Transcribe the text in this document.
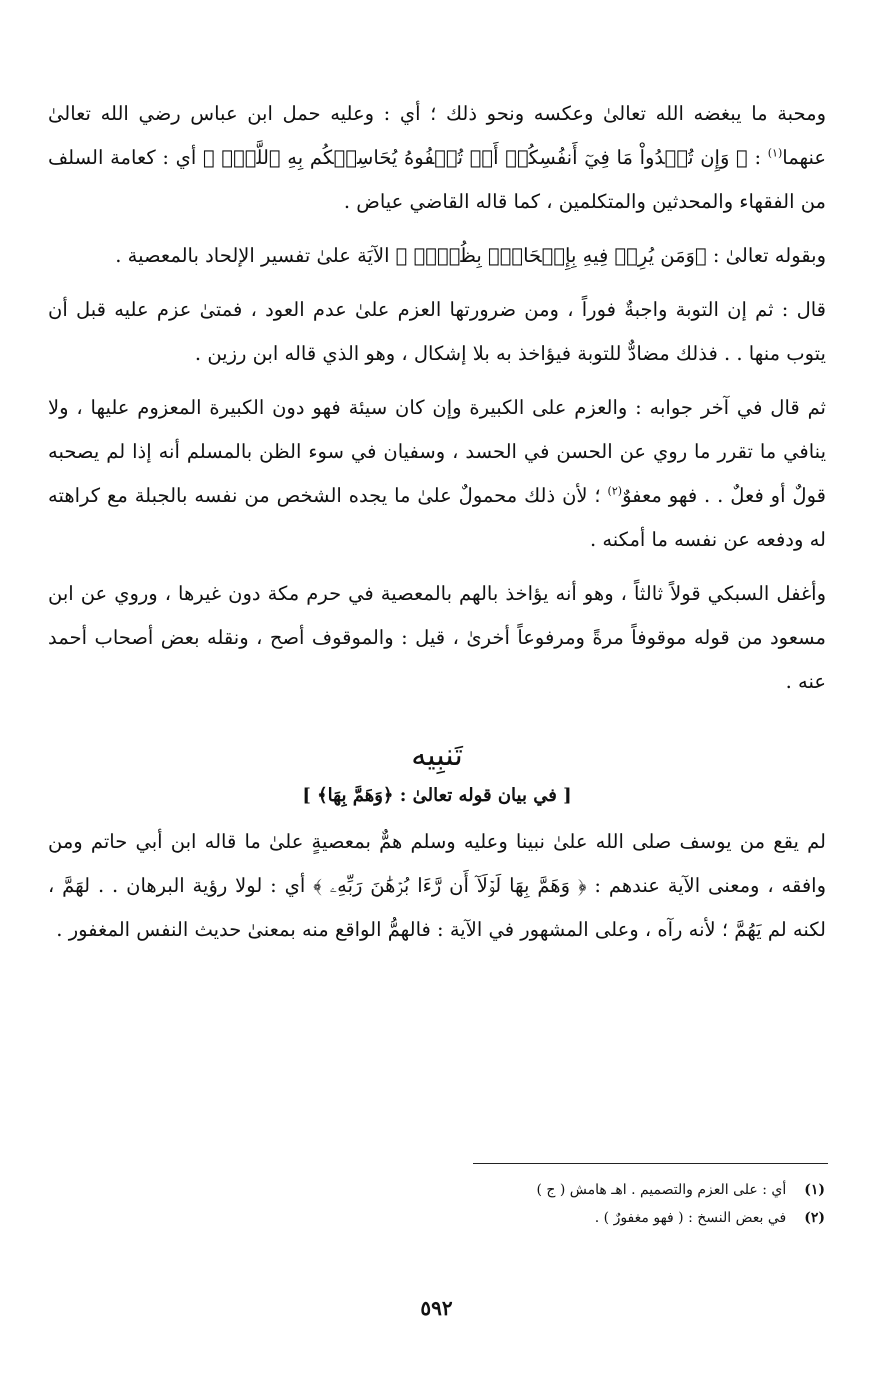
ومحبة ما يبغضه الله تعالىٰ وعكسه ونحو ذلك ؛ أي : وعليه حمل ابن عباس رضي الله تعالىٰ عنهما$^{(١)}$ : ﴿ وَإِن تُبۡدُواْ مَا فِيٓ أَنفُسِكُمۡ أَوۡ تُخۡفُوهُ يُحَاسِبۡكُم بِهِ ٱللَّهُۖ ﴾ أي : كعامة السلف من الفقهاء والمحدثين والمتكلمين ، كما قاله القاضي عياض .

وبقوله تعالىٰ : ﴿وَمَن يُرِدۡ فِيهِ بِإِلۡحَادِۭ بِظُلۡمٖ ﴾ الآيَة علىٰ تفسير الإلحاد بالمعصية .

قال : ثم إن التوبة واجبةٌ فوراً ، ومن ضرورتها العزم علىٰ عدم العود ، فمتىٰ عزم عليه قبل أن يتوب منها . . فذلك مضادٌّ للتوبة فيؤاخذ به بلا إشكال ، وهو الذي قاله ابن رزين .

ثم قال في آخر جوابه : والعزم على الكبيرة وإن كان سيئة فهو دون الكبيرة المعزوم عليها ، ولا ينافي ما تقرر ما روي عن الحسن في الحسد ، وسفيان في سوء الظن بالمسلم أنه إذا لم يصحبه قولٌ أو فعلٌ . . فهو معفوٌ$^{(٢)}$ ؛ لأن ذلك محمولٌ علىٰ ما يجده الشخص من نفسه بالجبلة مع كراهته له ودفعه عن نفسه ما أمكنه .

وأغفل السبكي قولاً ثالثاً ، وهو أنه يؤاخذ بالهم بالمعصية في حرم مكة دون غيرها ، وروي عن ابن مسعود من قوله موقوفاً مرةً ومرفوعاً أخرىٰ ، قيل : والموقوف أصح ، ونقله بعض أصحاب أحمد عنه .

تَنبِيه
[ في بيان قوله تعالىٰ : ﴿وَهَمَّ بِهَا﴾ ]

لم يقع من يوسف صلى الله علىٰ نبينا وعليه وسلم همٌّ بمعصيةٍ علىٰ ما قاله ابن أبي حاتم ومن وافقه ، ومعنى الآية عندهم : ﴿ وَهَمَّ بِهَا لَوۡلَآ أَن رَّءَا بُرۡهَٰنَ رَبِّهِۦ ﴾ أي : لولا رؤية البرهان . . لهَمَّ ، لكنه لم يَهُمَّ ؛ لأنه رآه ، وعلى المشهور في الآية : فالهمُّ الواقع منه بمعنىٰ حديث النفس المغفور .

(١)
أي : على العزم والتصميم . اهـ هامش ( ج )
(٢)
في بعض النسخ : ( فهو مغفورٌ ) .
٥٩٢
